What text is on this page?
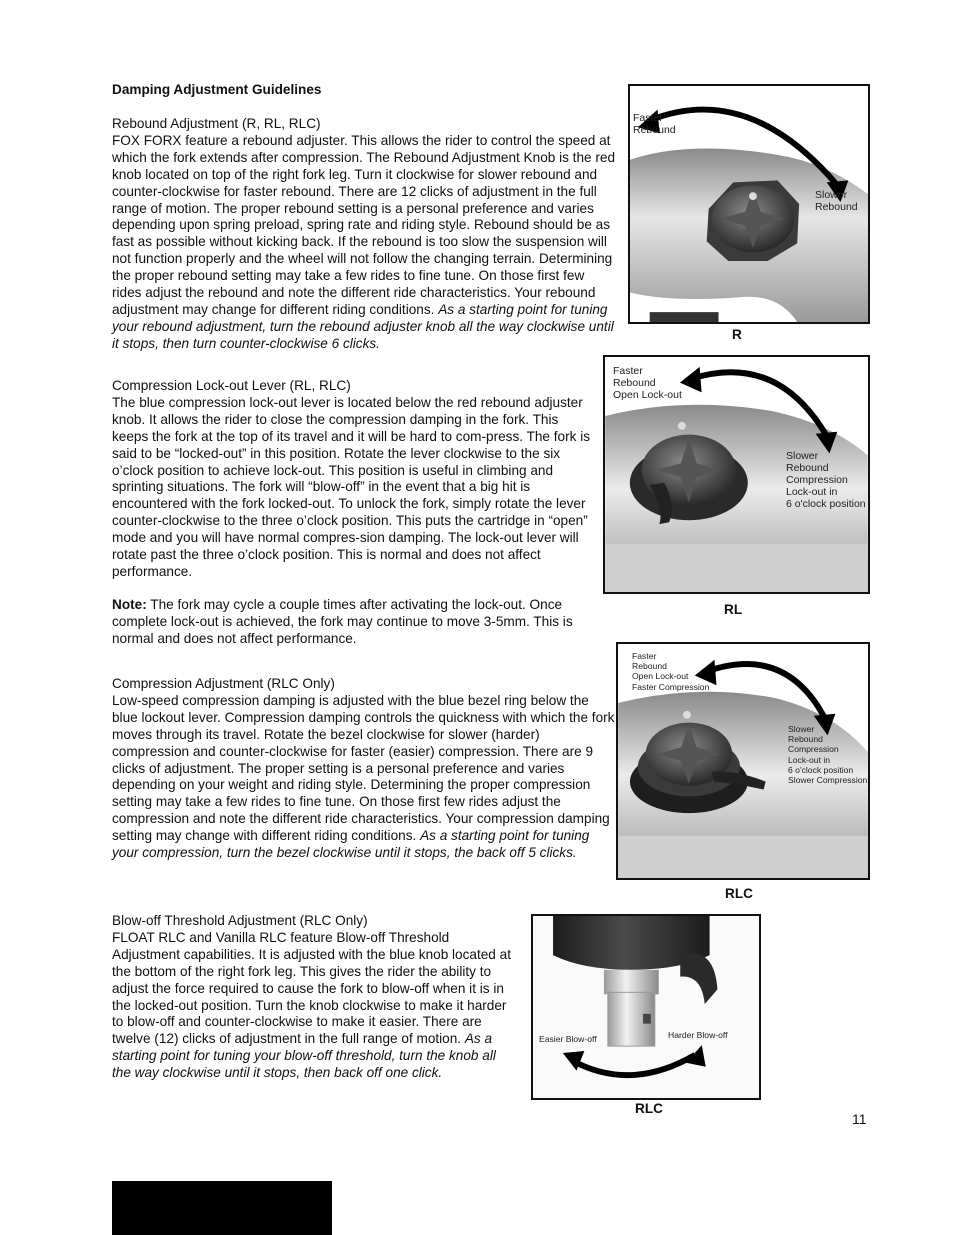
Damping Adjustment Guidelines

Rebound Adjustment (R, RL, RLC)

FOX FORX feature a rebound adjuster. This allows the rider to control the speed at which the fork extends after compression. The Rebound Adjustment Knob is the red knob located on top of the right fork leg. Turn it clockwise for slower rebound and counter-clockwise for faster rebound. There are 12 clicks of adjustment in the full range of motion. The proper rebound setting is a personal preference and varies depending upon spring preload, spring rate and riding style. Rebound should be as fast as possible without kicking back. If the rebound is too slow the suspension will not function properly and the wheel will not follow the changing terrain. Determining the proper rebound setting may take a few rides to fine tune. On those first few rides adjust the rebound and note the different ride characteristics. Your rebound adjustment may change for different riding conditions. As a starting point for tuning your rebound adjustment, turn the rebound adjuster knob all the way clockwise until it stops, then turn counter-clockwise 6 clicks.

Compression Lock-out Lever (RL, RLC)

The blue compression lock-out lever is located below the red rebound adjuster knob. It allows the rider to close the compression damping in the fork. This keeps the fork at the top of its travel and it will be hard to com-press. The fork is said to be “locked-out” in this position. Rotate the lever clockwise to the six o’clock position to achieve lock-out. This position is useful in climbing and sprinting situations. The fork will “blow-off” in the event that a big hit is encountered with the fork locked-out. To unlock the fork, simply rotate the lever counter-clockwise to the three o’clock position. This puts the cartridge in “open” mode and you will have normal compres-sion damping. The lock-out lever will rotate past the three o’clock position. This is normal and does not affect performance.

Note: The fork may cycle a couple times after activating the lock-out. Once complete lock-out is achieved, the fork may continue to move 3-5mm. This is normal and does not affect performance.

Compression Adjustment (RLC Only)

Low-speed compression damping is adjusted with the blue bezel ring below the blue lockout lever. Compression damping controls the quickness with which the fork moves through its travel. Rotate the bezel clockwise for slower (harder) compression and counter-clockwise for faster (easier) compression. There are 9 clicks of adjustment. The proper setting is a personal preference and varies depending on your weight and riding style. Determining the proper compression setting may take a few rides to fine tune. On those first few rides adjust the compression and note the different ride characteristics. Your compression damping setting may change with different riding conditions. As a starting point for tuning your compression, turn the bezel clockwise until it stops, the back off 5 clicks.

Blow-off Threshold Adjustment (RLC Only)

FLOAT RLC and Vanilla RLC feature Blow-off Threshold Adjustment capabilities. It is adjusted with the blue knob located at the bottom of the right fork leg. This gives the rider the ability to adjust the force required to cause the fork to blow-off when it is in the locked-out position. Turn the knob clockwise to make it harder to blow-off and counter-clockwise to make it easier. There are twelve (12) clicks of adjustment in the full range of motion. As a starting point for tuning your blow-off threshold, turn the knob all the way clockwise until it stops, then back off one click.

Faster
Rebound
Slower
Rebound
R
Faster
Rebound
Open Lock-out
Slower
Rebound
Compression
Lock-out in
6 o'clock position
RL
Faster
Rebound
Open Lock-out
Faster Compression
Slower
Rebound
Compression
Lock-out in
6 o'clock position
Slower Compression
RLC
Easier Blow-off	Harder Blow-off
RLC
11
